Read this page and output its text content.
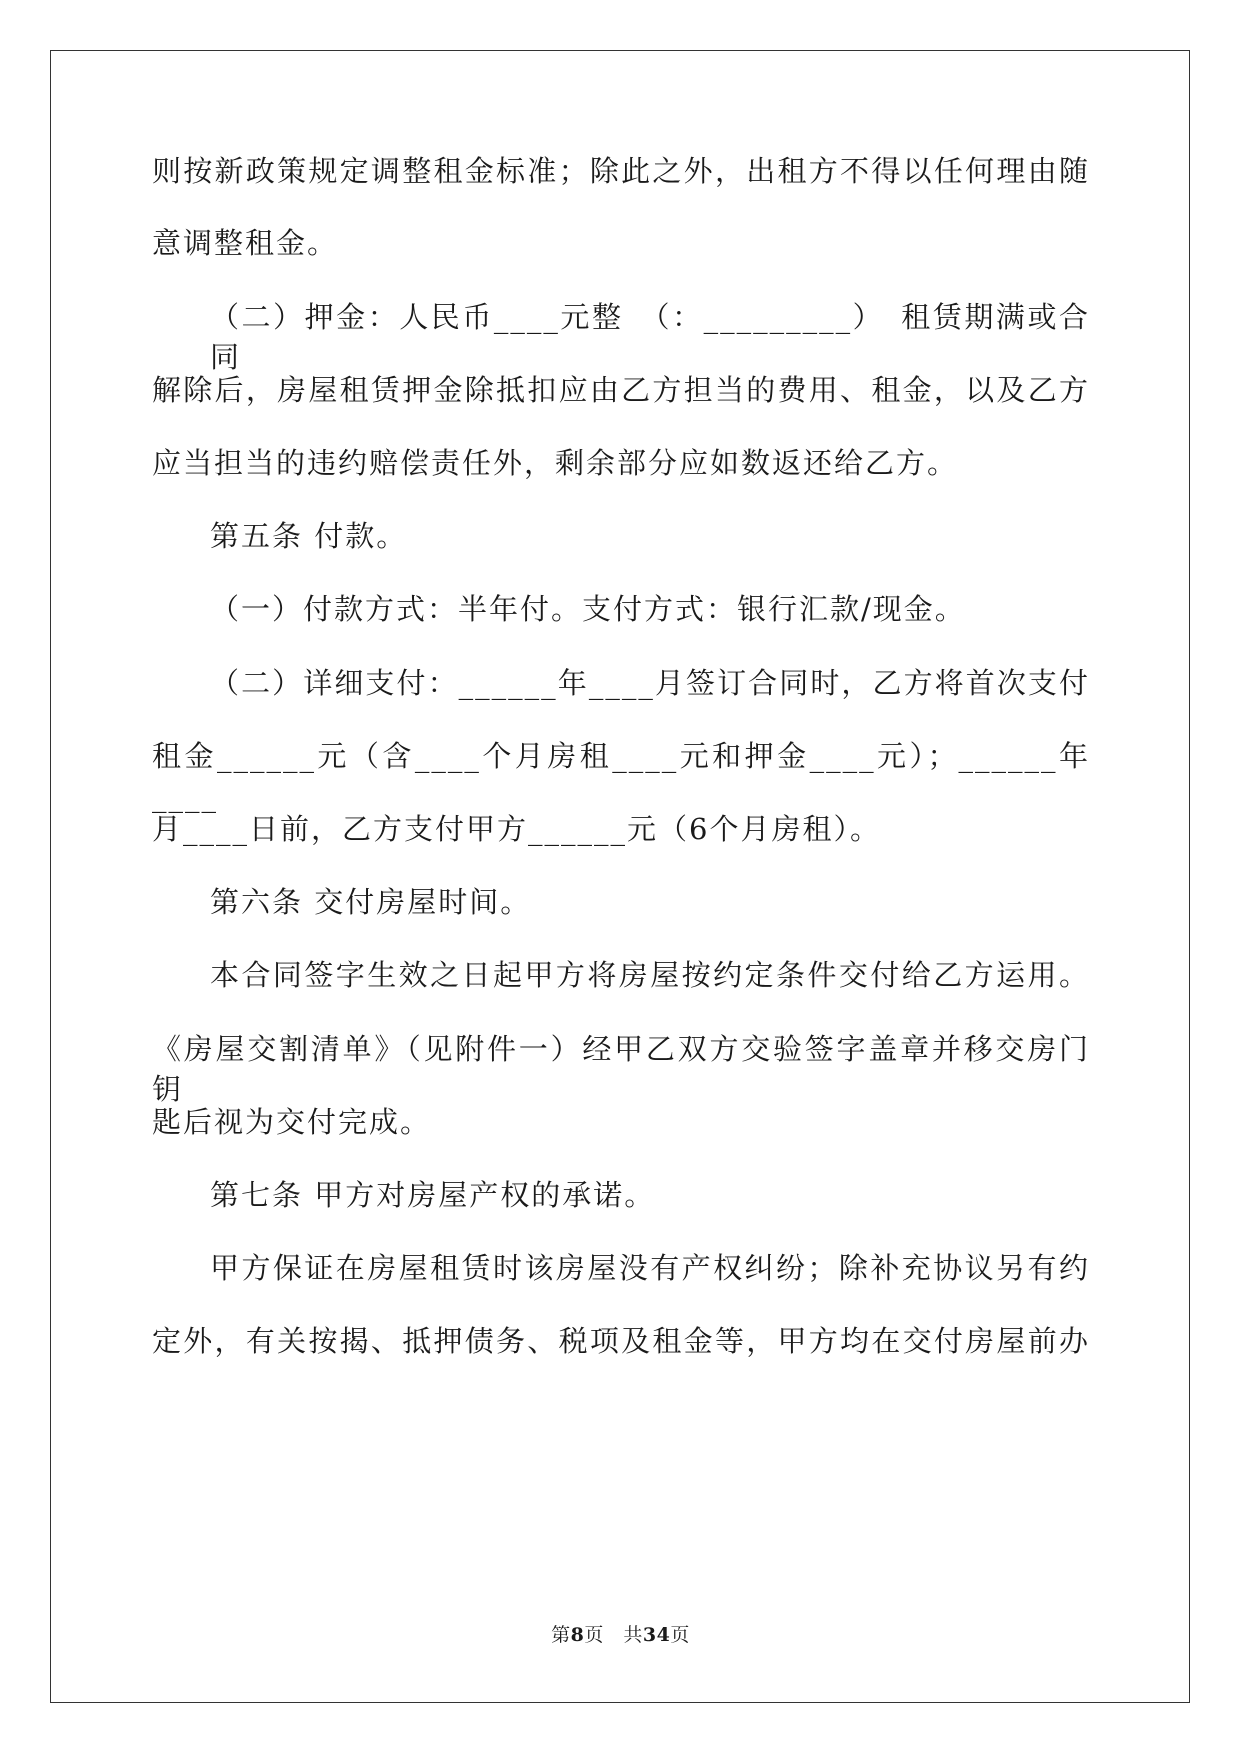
则按新政策规定调整租金标准；除此之外，出租方不得以任何理由随
意调整租金。
（二）押金：人民币____元整　（：_________）　租赁期满或合同
解除后，房屋租赁押金除抵扣应由乙方担当的费用、租金，以及乙方
应当担当的违约赔偿责任外，剩余部分应如数返还给乙方。
第五条 付款。
（一）付款方式：半年付。支付方式：银行汇款/现金。
（二）详细支付：______年____月签订合同时，乙方将首次支付
租金______元（含____个月房租____元和押金____元）；______年____
月____日前，乙方支付甲方______元（6个月房租）。
第六条 交付房屋时间。
本合同签字生效之日起甲方将房屋按约定条件交付给乙方运用。
《房屋交割清单》（见附件一）经甲乙双方交验签字盖章并移交房门钥
匙后视为交付完成。
第七条 甲方对房屋产权的承诺。
甲方保证在房屋租赁时该房屋没有产权纠纷；除补充协议另有约
定外，有关按揭、抵押债务、税项及租金等，甲方均在交付房屋前办
第8页　 共34页
